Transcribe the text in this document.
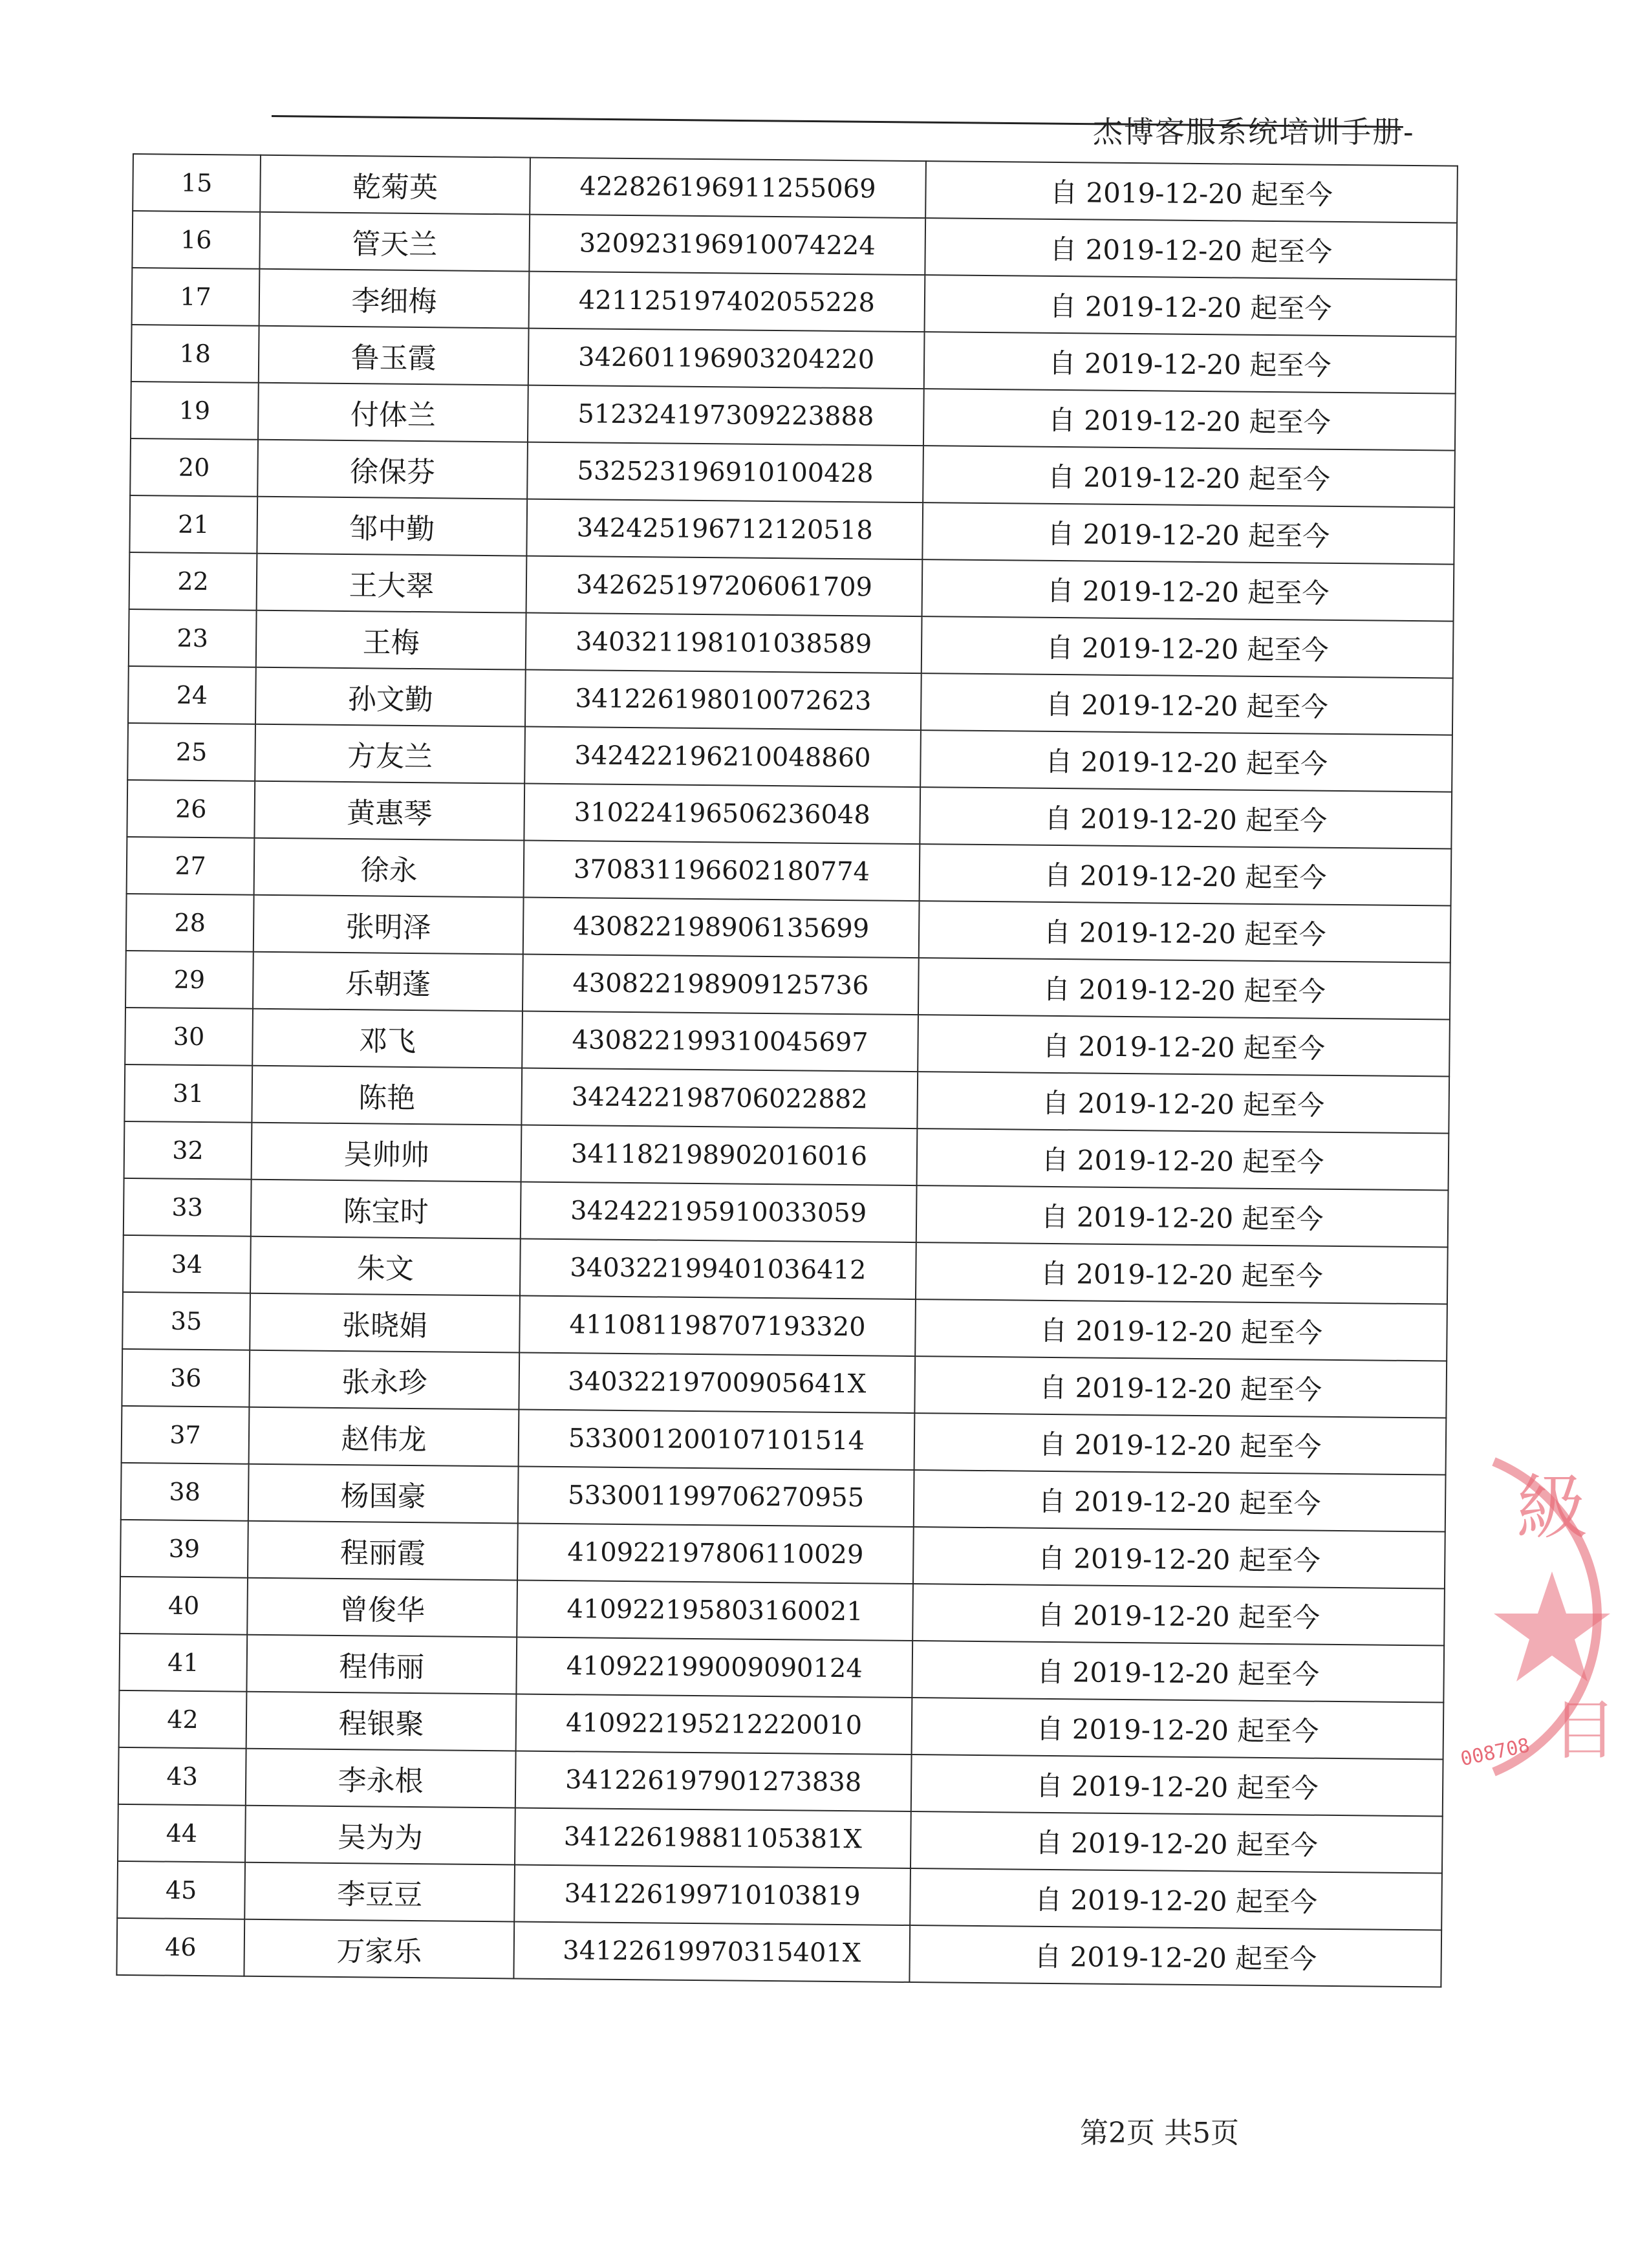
杰博客服系统培训手册-
15	乾菊英	422826196911255069	自 2019-12-20 起至今
16	管天兰	320923196910074224	自 2019-12-20 起至今
17	李细梅	421125197402055228	自 2019-12-20 起至今
18	鲁玉霞	342601196903204220	自 2019-12-20 起至今
19	付体兰	512324197309223888	自 2019-12-20 起至今
20	徐保芬	532523196910100428	自 2019-12-20 起至今
21	邹中勤	342425196712120518	自 2019-12-20 起至今
22	王大翠	342625197206061709	自 2019-12-20 起至今
23	王梅	340321198101038589	自 2019-12-20 起至今
24	孙文勤	341226198010072623	自 2019-12-20 起至今
25	方友兰	342422196210048860	自 2019-12-20 起至今
26	黄惠琴	310224196506236048	自 2019-12-20 起至今
27	徐永	370831196602180774	自 2019-12-20 起至今
28	张明泽	430822198906135699	自 2019-12-20 起至今
29	乐朝蓬	430822198909125736	自 2019-12-20 起至今
30	邓飞	430822199310045697	自 2019-12-20 起至今
31	陈艳	342422198706022882	自 2019-12-20 起至今
32	吴帅帅	341182198902016016	自 2019-12-20 起至今
33	陈宝时	342422195910033059	自 2019-12-20 起至今
34	朱文	340322199401036412	自 2019-12-20 起至今
35	张晓娟	411081198707193320	自 2019-12-20 起至今
36	张永珍	34032219700905641X	自 2019-12-20 起至今
37	赵伟龙	533001200107101514	自 2019-12-20 起至今
38	杨国豪	533001199706270955	自 2019-12-20 起至今
39	程丽霞	410922197806110029	自 2019-12-20 起至今
40	曾俊华	410922195803160021	自 2019-12-20 起至今
41	程伟丽	410922199009090124	自 2019-12-20 起至今
42	程银聚	410922195212220010	自 2019-12-20 起至今
43	李永根	341226197901273838	自 2019-12-20 起至今
44	吴为为	34122619881105381X	自 2019-12-20 起至今
45	李豆豆	341226199710103819	自 2019-12-20 起至今
46	万家乐	34122619970315401X	自 2019-12-20 起至今
級
目
008708
第2页 共5页
